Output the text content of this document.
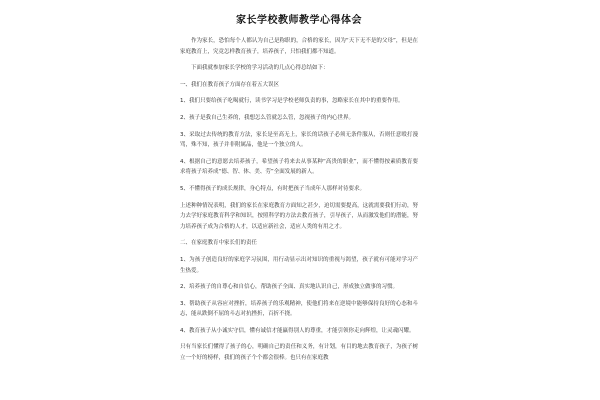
家长学校教师教学心得体会

作为家长，恐怕每个人都认为自己是称职的，合格的家长，因为“天下无不是的父母”，但是在家庭教育上，究竟怎样教育孩子，培养孩子，只怕我们都不知道。

下面我就参加家长学校的学习活动的几点心得总结如下：

一、我们在教育孩子方面存在着五大误区

1、我们只要给孩子吃喝就行，读书学习是学校老师负责的事，忽略家长在其中的重要作用。

2、孩子是我自己生养的，我想怎么管就怎么管，忽视孩子的内心世界。

3、采取过去传统的教育方法，家长是至高无上，家长的话孩子必须无条件服从，否则任意殴打漫骂，殊不知，孩子并非附属品，他是一个独立的人。

4、根据自己的意愿去培养孩子，希望孩子将来去从事某种“高贵的职业”，而不懂得按素质教育要求将孩子培养成“德、智、体、美、劳”全面发展的新人。

5、不懂得孩子的成长规律，身心特点，有时把孩子当成年人那样对待要求。

上述种种情况表明，我们的家长在家庭教育方面知之甚少，迫切需要提高，这就需要我们行动，努力去学好家庭教育科学和知识，按照科学的方法去教育孩子，引导孩子，从而激发他们的潜能，努力培养孩子成为合格的人才，以适应新社会，适应人类的有用之才。

二、在家庭教育中家长们的责任

1、为孩子创造良好的家庭学习氛围，用行动显示出对知识的重视与渴望，孩子就有可能对学习产生热爱。

2、培养孩子的自尊心和自信心，帮助孩子全面、真实地认识自己，形成独立做事的习惯。

3、帮助孩子从容应对挫折，培养孩子的乐观精神，使他们将来在逆境中能够保持良好的心态和斗志，能从跌倒不屈的斗志对抗挫折，百折不挠。

4、教育孩子从小诚实守信，懂有诚信才能赢得别人的尊重，才能引领你走向辉煌，让灵魂闪耀。

只有当家长们懂得了孩子的心，明确自己的责任和义务，有计划，有目的地去教育孩子，为孩子树立一个好的榜样，我们的孩子个个都会很棒。也只有在家庭教
